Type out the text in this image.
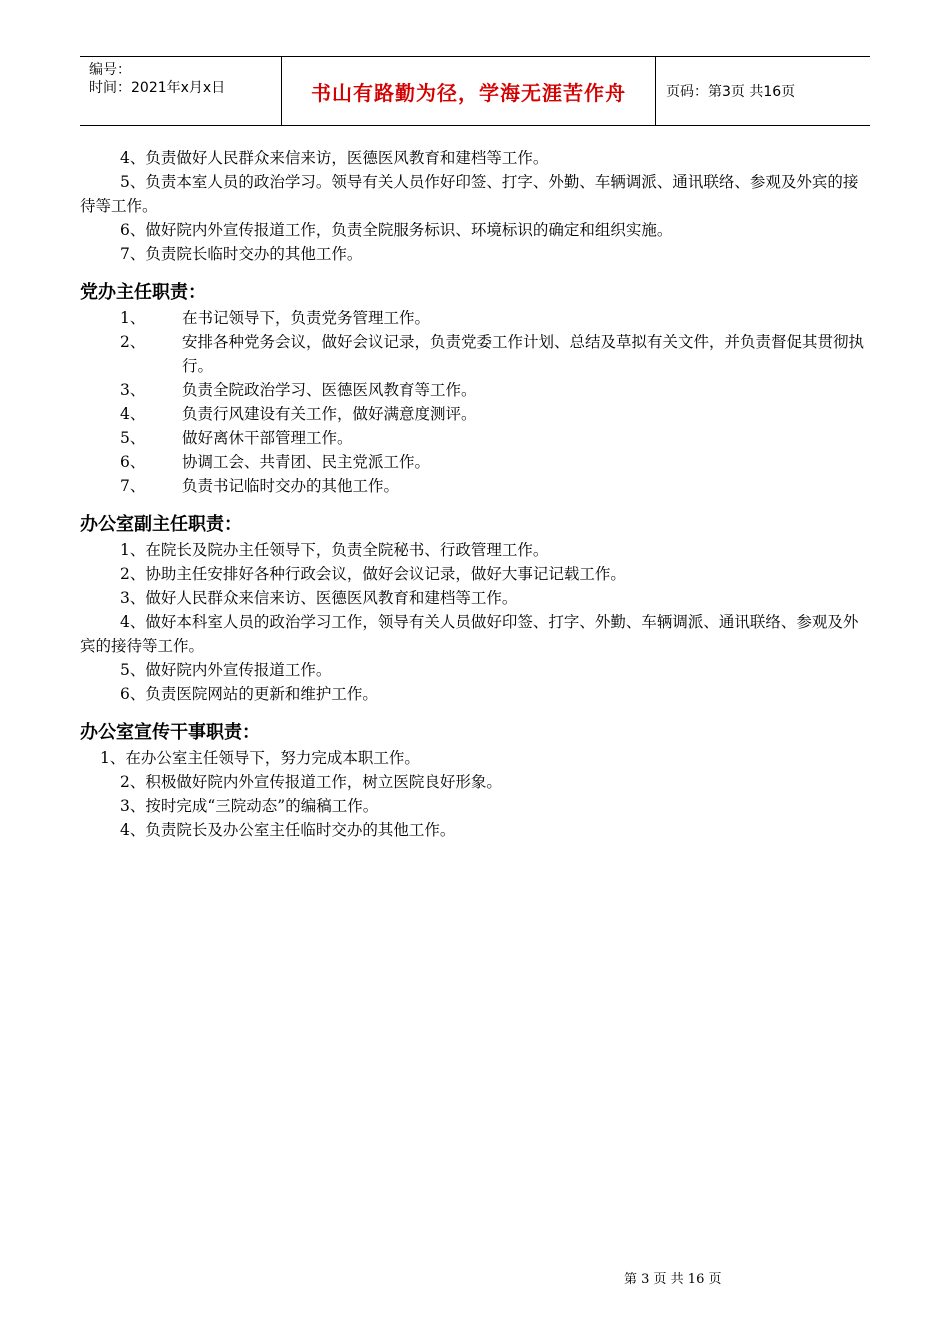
编号：
时间：2021年x月x日	书山有路勤为径，学海无涯苦作舟	页码：第3页 共16页

4、负责做好人民群众来信来访，医德医风教育和建档等工作。

5、负责本室人员的政治学习。领导有关人员作好印签、打字、外勤、车辆调派、通讯联络、参观及外宾的接待等工作。

6、做好院内外宣传报道工作，负责全院服务标识、环境标识的确定和组织实施。

7、负责院长临时交办的其他工作。

党办主任职责：
1、	在书记领导下，负责党务管理工作。
2、	安排各种党务会议，做好会议记录，负责党委工作计划、总结及草拟有关文件，并负责督促其贯彻执行。
3、	负责全院政治学习、医德医风教育等工作。
4、	负责行风建设有关工作，做好满意度测评。
5、	做好离休干部管理工作。
6、	协调工会、共青团、民主党派工作。
7、	负责书记临时交办的其他工作。
办公室副主任职责：

1、在院长及院办主任领导下，负责全院秘书、行政管理工作。

2、协助主任安排好各种行政会议，做好会议记录，做好大事记记载工作。

3、做好人民群众来信来访、医德医风教育和建档等工作。

4、做好本科室人员的政治学习工作，领导有关人员做好印签、打字、外勤、车辆调派、通讯联络、参观及外宾的接待等工作。

5、做好院内外宣传报道工作。

6、负责医院网站的更新和维护工作。

办公室宣传干事职责：

1、在办公室主任领导下，努力完成本职工作。

2、积极做好院内外宣传报道工作，树立医院良好形象。

3、按时完成“三院动态”的编稿工作。

4、负责院长及办公室主任临时交办的其他工作。

第 3 页 共 16 页
